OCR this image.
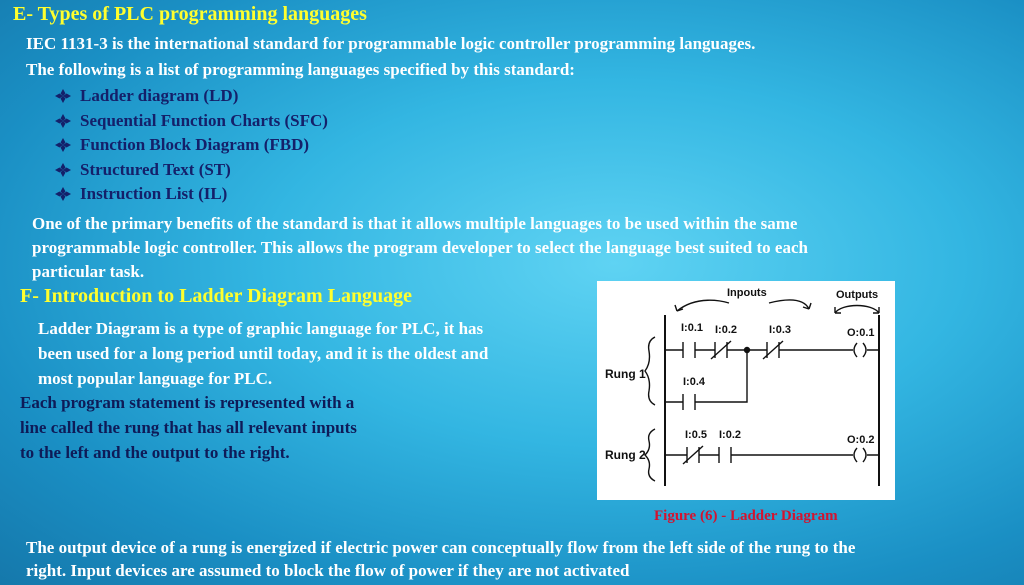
E- Types of PLC programming languages
IEC 1131-3 is the international standard for programmable logic controller programming languages.
The following is a list of programming languages specified by this standard:
Ladder diagram (LD)
Sequential Function Charts (SFC)
Function Block Diagram (FBD)
Structured Text (ST)
Instruction List (IL)
One of the primary benefits of the standard is that it allows multiple languages to be used within the same
programmable logic controller. This allows the program developer to select the language best suited to each
particular task.
F- Introduction to Ladder Diagram Language
Ladder Diagram is a type of graphic language for PLC, it has
been used for a long period until today, and it is the oldest and
most popular language for PLC.
Each program statement is represented with a
line called the rung that has all relevant inputs
to the left and the output to the right.
Inpouts	Outputs
Rung 1
I:0.1 I:0.2	I:0.3	O:0.1
I:0.4
Rung 2
I:0.5 I:0.2	O:0.2
Figure (6) - Ladder Diagram
The output device of a rung is energized if electric power can conceptually flow from the left side of the rung to the
right. Input devices are assumed to block the flow of power if they are not activated
